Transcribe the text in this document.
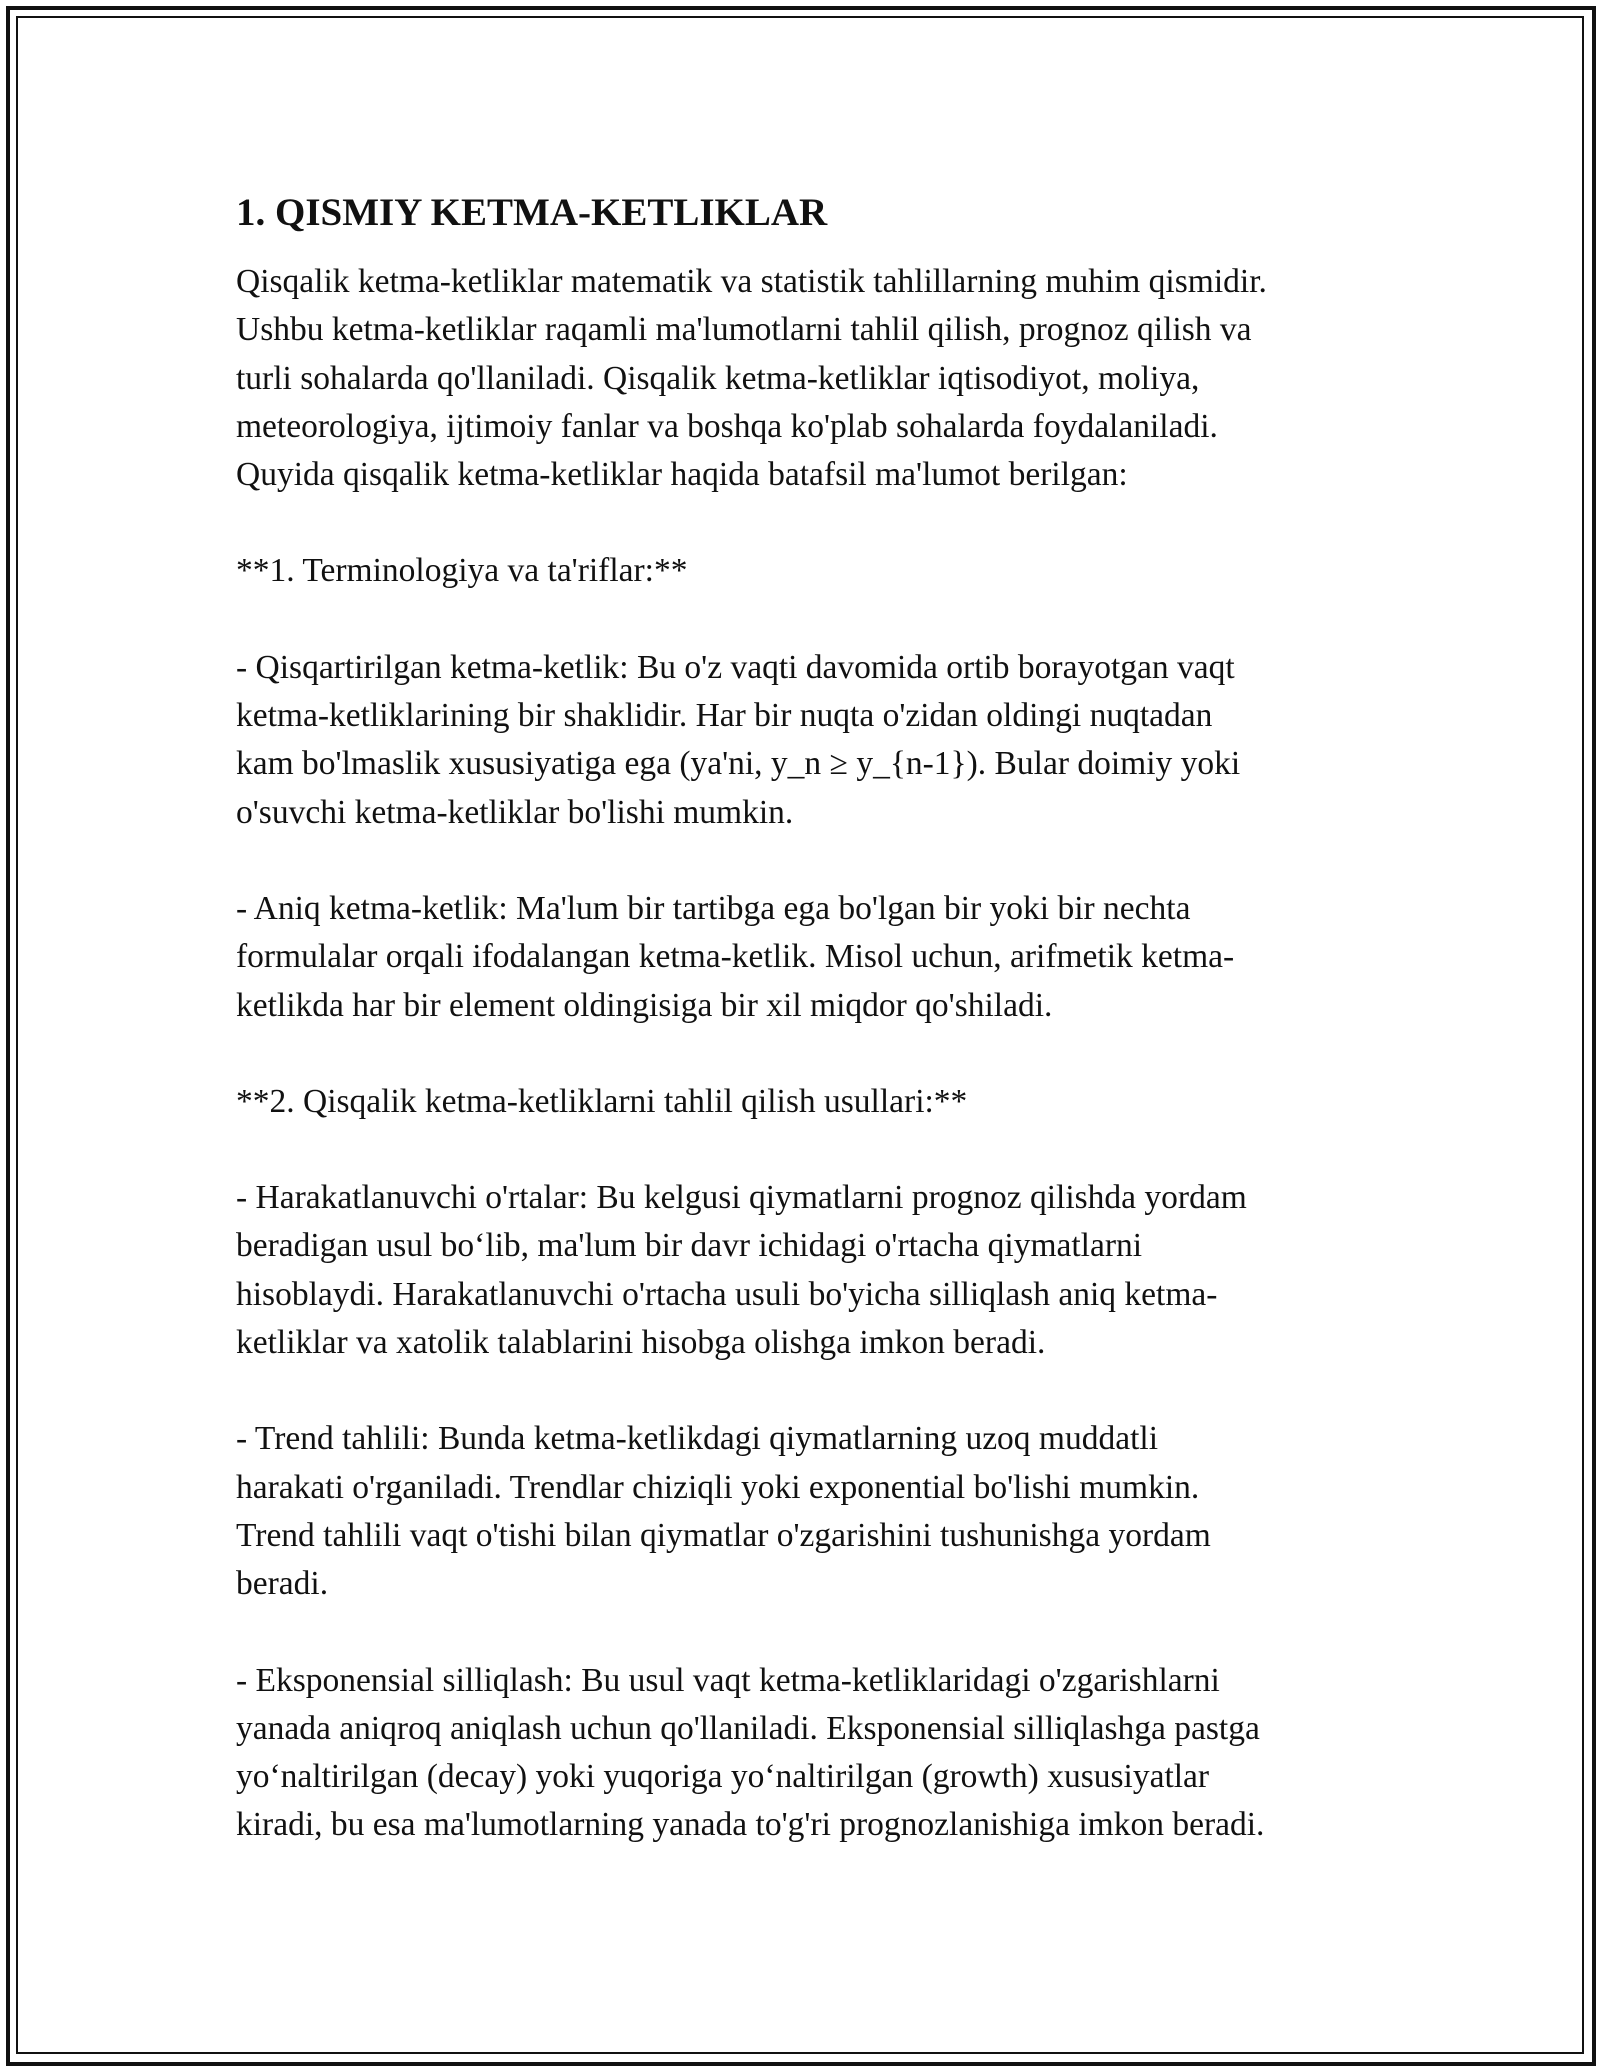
1. QISMIY KETMA-KETLIKLAR
Qisqalik ketma-ketliklar matematik va statistik tahlillarning muhim qismidir.
Ushbu ketma-ketliklar raqamli ma'lumotlarni tahlil qilish, prognoz qilish va
turli sohalarda qo'llaniladi. Qisqalik ketma-ketliklar iqtisodiyot, moliya,
meteorologiya, ijtimoiy fanlar va boshqa ko'plab sohalarda foydalaniladi.
Quyida qisqalik ketma-ketliklar haqida batafsil ma'lumot berilgan:
**1. Terminologiya va ta'riflar:**
- Qisqartirilgan ketma-ketlik: Bu o'z vaqti davomida ortib borayotgan vaqt
ketma-ketliklarining bir shaklidir. Har bir nuqta o'zidan oldingi nuqtadan
kam bo'lmaslik xususiyatiga ega (ya'ni, y_n ≥ y_{n-1}). Bular doimiy yoki
o'suvchi ketma-ketliklar bo'lishi mumkin.
- Aniq ketma-ketlik: Ma'lum bir tartibga ega bo'lgan bir yoki bir nechta
formulalar orqali ifodalangan ketma-ketlik. Misol uchun, arifmetik ketma-
ketlikda har bir element oldingisiga bir xil miqdor qo'shiladi.
**2. Qisqalik ketma-ketliklarni tahlil qilish usullari:**
- Harakatlanuvchi o'rtalar: Bu kelgusi qiymatlarni prognoz qilishda yordam
beradigan usul bo‘lib, ma'lum bir davr ichidagi o'rtacha qiymatlarni
hisoblaydi. Harakatlanuvchi o'rtacha usuli bo'yicha silliqlash aniq ketma-
ketliklar va xatolik talablarini hisobga olishga imkon beradi.
- Trend tahlili: Bunda ketma-ketlikdagi qiymatlarning uzoq muddatli
harakati o'rganiladi. Trendlar chiziqli yoki exponential bo'lishi mumkin.
Trend tahlili vaqt o'tishi bilan qiymatlar o'zgarishini tushunishga yordam
beradi.
- Eksponensial silliqlash: Bu usul vaqt ketma-ketliklaridagi o'zgarishlarni
yanada aniqroq aniqlash uchun qo'llaniladi. Eksponensial silliqlashga pastga
yo‘naltirilgan (decay) yoki yuqoriga yo‘naltirilgan (growth) xususiyatlar
kiradi, bu esa ma'lumotlarning yanada to'g'ri prognozlanishiga imkon beradi.
